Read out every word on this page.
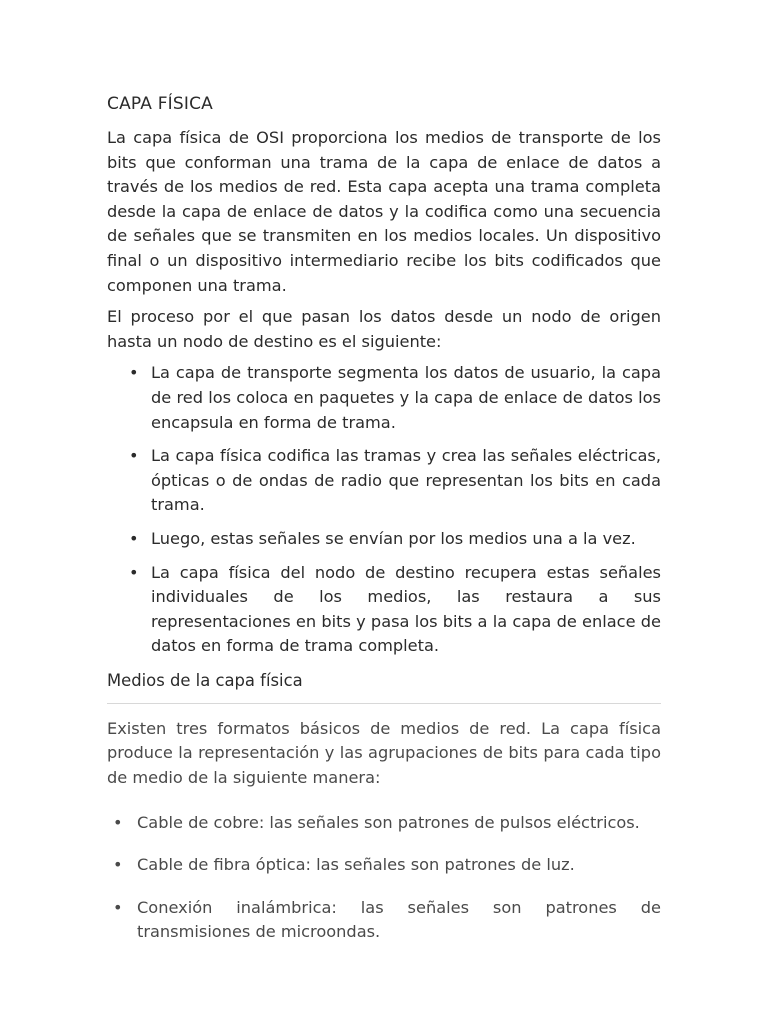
CAPA FÍSICA

La capa física de OSI proporciona los medios de transporte de los bits que conforman una trama de la capa de enlace de datos a través de los medios de red. Esta capa acepta una trama completa desde la capa de enlace de datos y la codifica como una secuencia de señales que se transmiten en los medios locales. Un dispositivo final o un dispositivo intermediario recibe los bits codificados que componen una trama.

El proceso por el que pasan los datos desde un nodo de origen hasta un nodo de destino es el siguiente:

• La capa de transporte segmenta los datos de usuario, la capa de red los coloca en paquetes y la capa de enlace de datos los encapsula en forma de trama.
• La capa física codifica las tramas y crea las señales eléctricas, ópticas o de ondas de radio que representan los bits en cada trama.
• Luego, estas señales se envían por los medios una a la vez.
• La capa física del nodo de destino recupera estas señales individuales de los medios, las restaura a sus representaciones en bits y pasa los bits a la capa de enlace de datos en forma de trama completa.
Medios de la capa física

Existen tres formatos básicos de medios de red. La capa física produce la representación y las agrupaciones de bits para cada tipo de medio de la siguiente manera:

• Cable de cobre: las señales son patrones de pulsos eléctricos.
• Cable de fibra óptica: las señales son patrones de luz.
• Conexión inalámbrica: las señales son patrones de transmisiones de microondas.
